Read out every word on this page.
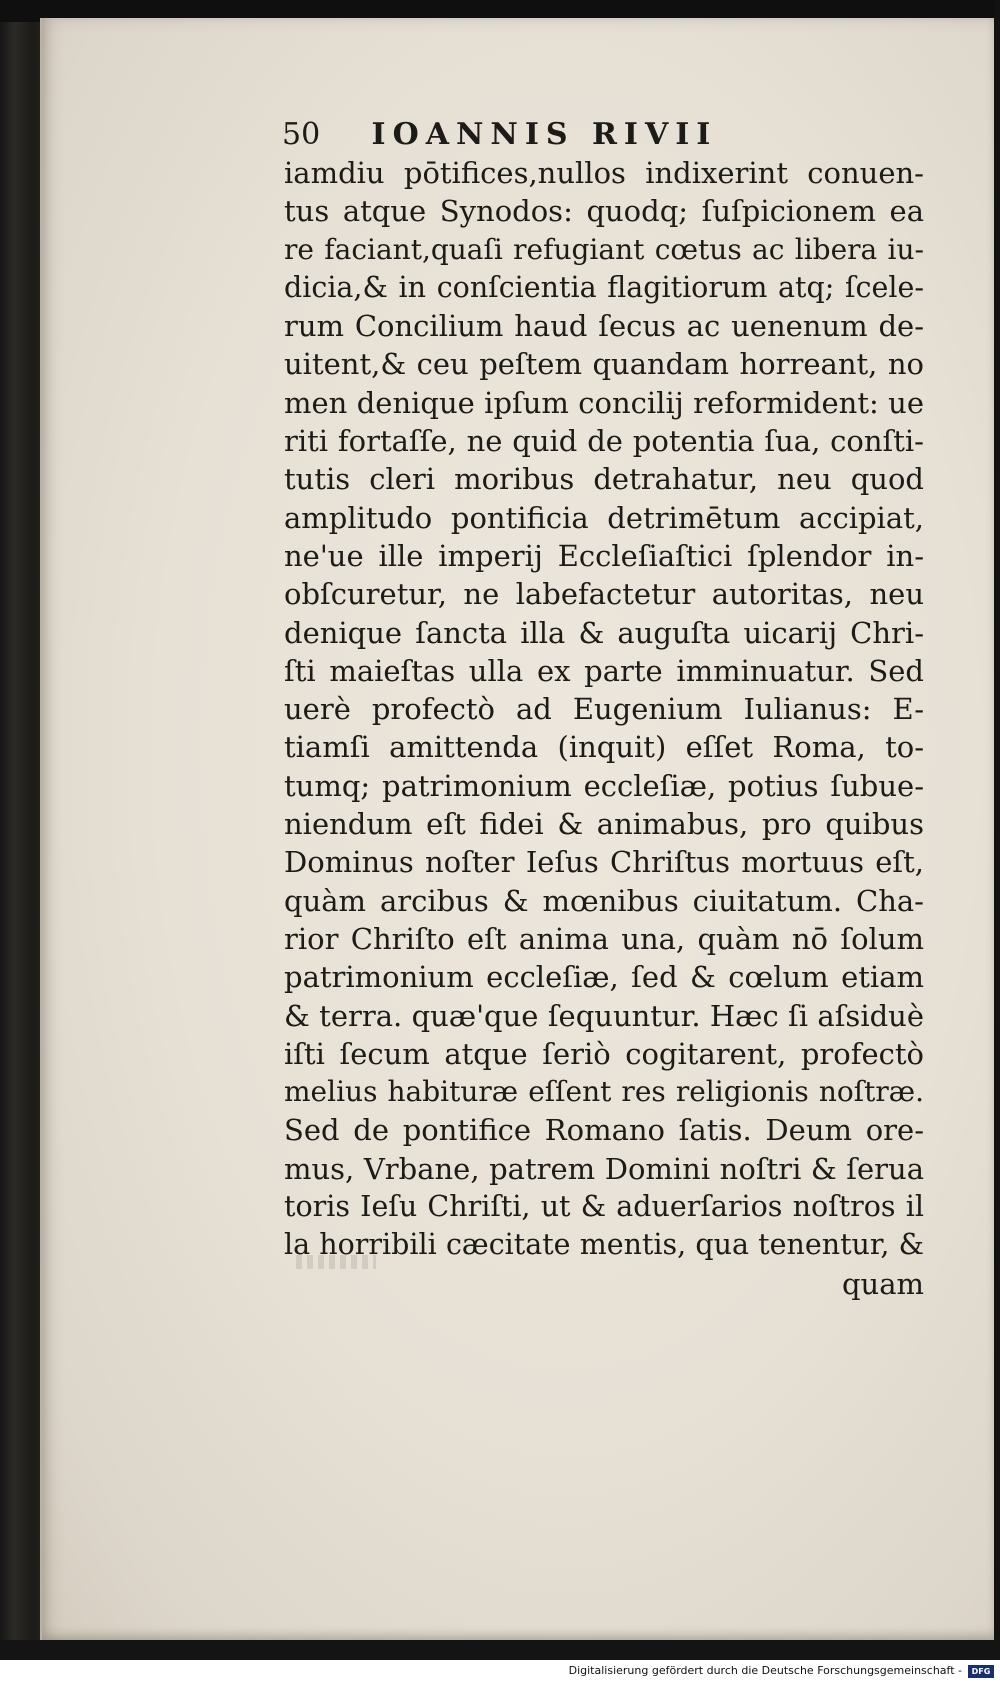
50 IOANNIS RIVII
iamdiu pōtifices,nullos indixerint conuen-
tus atque Synodos: quodq; ſuſpicionem ea
re faciant,quaſi refugiant cœtus ac libera iu-
dicia,& in conſcientia flagitiorum atq; ſcele-
rum Concilium haud ſecus ac uenenum de-
uitent,& ceu peſtem quandam horreant, no
men denique ipſum concilij reformident: ue
riti fortaſſe, ne quid de potentia ſua, conſti-
tutis cleri moribus detrahatur, neu quod
amplitudo pontificia detrimētum accipiat,
ne'ue ille imperij Eccleſiaſtici ſplendor in-
obſcuretur, ne labefactetur autoritas, neu
denique ſancta illa & auguſta uicarij Chri-
ſti maieſtas ulla ex parte imminuatur. Sed
uerè profectò ad Eugenium Iulianus: E-
tiamſi amittenda (inquit) eſſet Roma, to-
tumq; patrimonium eccleſiæ, potius ſubue-
niendum eſt fidei & animabus, pro quibus
Dominus noſter Ieſus Chriſtus mortuus eſt,
quàm arcibus & mœnibus ciuitatum. Cha-
rior Chriſto eſt anima una, quàm nō ſolum
patrimonium eccleſiæ, ſed & cœlum etiam
& terra. quæ'que ſequuntur. Hæc ſi aſsiduè
iſti ſecum atque ſeriò cogitarent, profectò
melius habituræ eſſent res religionis noſtræ.
Sed de pontifice Romano ſatis. Deum ore-
mus, Vrbane, patrem Domini noſtri & ſerua
toris Ieſu Chriſti, ut & aduerſarios noſtros il
la horribili cæcitate mentis, qua tenentur, &
quam
Digitalisierung gefördert durch die Deutsche Forschungsgemeinschaft -	DFG
